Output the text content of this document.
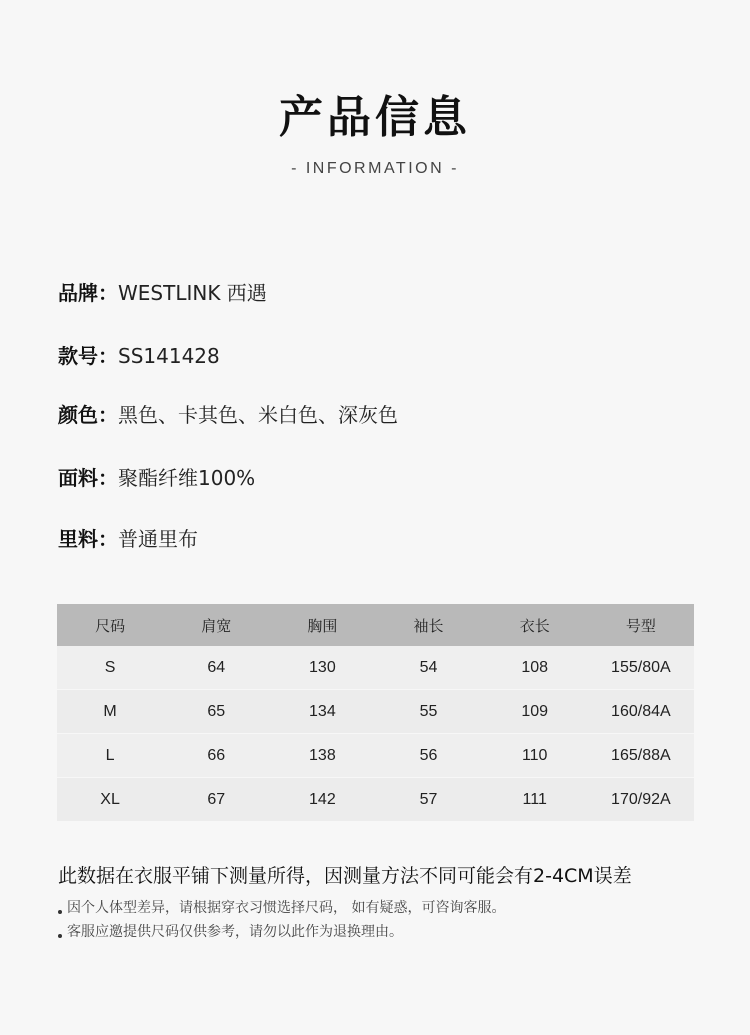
产品信息
- INFORMATION -
品牌：WESTLINK 西遇
款号：SS141428
颜色：黑色、卡其色、米白色、深灰色
面料：聚酯纤维100%
里料：普通里布
尺码	肩宽	胸围	袖长	衣长	号型
S	64	130	54	108	155/80A
M	65	134	55	109	160/84A
L	66	138	56	110	165/88A
XL	67	142	57	111	170/92A
此数据在衣服平铺下测量所得，因测量方法不同可能会有2-4CM误差
因个人体型差异，请根据穿衣习惯选择尺码， 如有疑惑，可咨询客服。
客服应邀提供尺码仅供参考，请勿以此作为退换理由。
